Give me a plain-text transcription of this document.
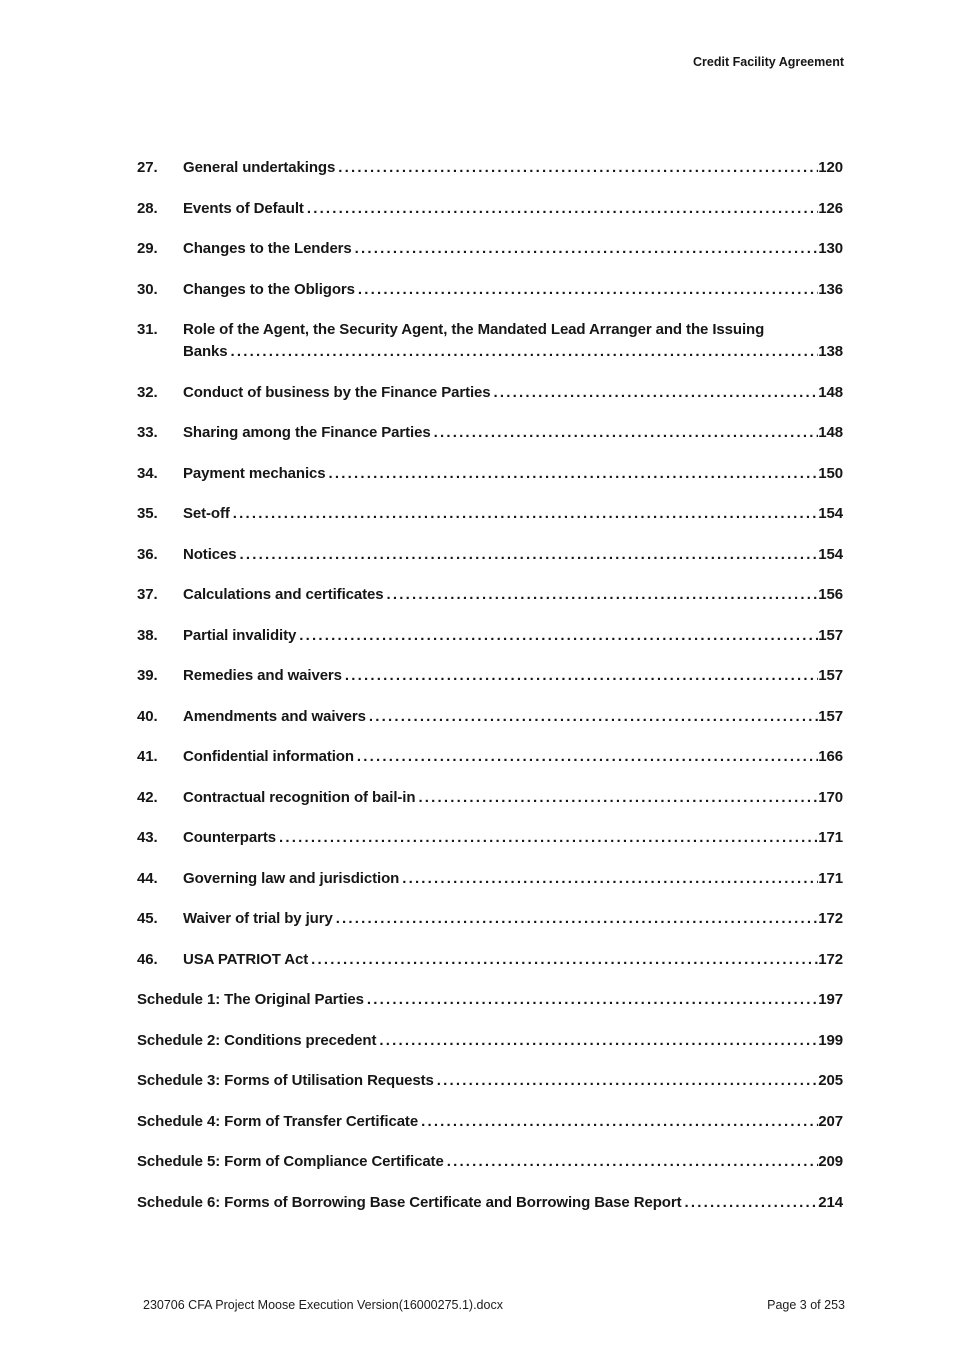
Credit Facility Agreement
27.	General undertakings .....	120
28.	Events of Default .....	126
29.	Changes to the Lenders .....	130
30.	Changes to the Obligors .....	136
31.	Role of the Agent, the Security Agent, the Mandated Lead Arranger and the Issuing
Banks .....	138
32.	Conduct of business by the Finance Parties .....	148
33.	Sharing among the Finance Parties .....	148
34.	Payment mechanics .....	150
35.	Set-off .....	154
36.	Notices .....	154
37.	Calculations and certificates .....	156
38.	Partial invalidity .....	157
39.	Remedies and waivers .....	157
40.	Amendments and waivers .....	157
41.	Confidential information .....	166
42.	Contractual recognition of bail-in .....	170
43.	Counterparts .....	171
44.	Governing law and jurisdiction .....	171
45.	Waiver of trial by jury .....	172
46.	USA PATRIOT Act .....	172
Schedule 1: The Original Parties .....	197
Schedule 2: Conditions precedent .....	199
Schedule 3: Forms of Utilisation Requests .....	205
Schedule 4: Form of Transfer Certificate .....	207
Schedule 5: Form of Compliance Certificate .....	209
Schedule 6: Forms of Borrowing Base Certificate and Borrowing Base Report .....	214
230706 CFA Project Moose Execution Version(16000275.1).docx	Page 3 of 253
